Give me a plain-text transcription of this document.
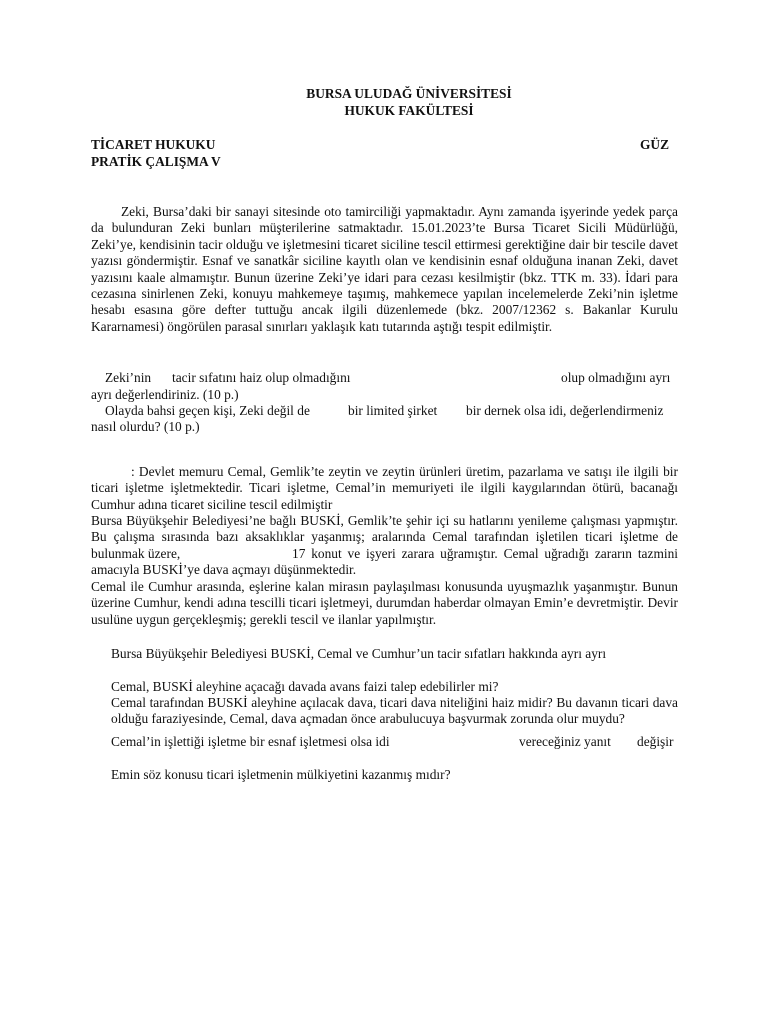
BURSA ULUDAĞ ÜNİVERSİTESİ
HUKUK FAKÜLTESİ
TİCARET HUKUKU	GÜZ
PRATİK ÇALIŞMA V

Zeki, Bursa’daki bir sanayi sitesinde oto tamirciliği yapmaktadır. Aynı zamanda işyerinde yedek parça da bulunduran Zeki bunları müşterilerine satmaktadır. 15.01.2023’te Bursa Ticaret Sicili Müdürlüğü, Zeki’ye, kendisinin tacir olduğu ve işletmesini ticaret siciline tescil ettirmesi gerektiğine dair bir tescile davet yazısı göndermiştir. Esnaf ve sanatkâr siciline kayıtlı olan ve kendisinin esnaf olduğuna inanan Zeki, davet yazısını kaale almamıştır. Bunun üzerine Zeki’ye idari para cezası kesilmiştir (bkz. TTK m. 33). İdari para cezasına sinirlenen Zeki, konuyu mahkemeye taşımış, mahkemece yapılan incelemelerde Zeki’nin işletme hesabı esasına göre defter tuttuğu ancak ilgili düzenlemede (bkz. 2007/12362 s. Bakanlar Kurulu Kararnamesi) öngörülen parasal sınırları yaklaşık katı tutarında aştığı tespit edilmiştir.

Zeki’nin tacir sıfatını haiz olup olmadığını	olup olmadığını ayrı
ayrı değerlendiriniz. (10 p.)
Olayda bahsi geçen kişi, Zeki değil de	bir limited şirket bir dernek olsa idi, değerlendirmeniz
nasıl olurdu? (10 p.)

: Devlet memuru Cemal, Gemlik’te zeytin ve zeytin ürünleri üretim, pazarlama ve satışı ile ilgili bir ticari işletme işletmektedir. Ticari işletme, Cemal’in memuriyeti ile ilgili kaygılarından ötürü, bacanağı Cumhur adına ticaret siciline tescil edilmiştir

Bursa Büyükşehir Belediyesi’ne bağlı BUSKİ, Gemlik’te şehir içi su hatlarını yenileme çalışması yapmıştır. Bu çalışma sırasında bazı aksaklıklar yaşanmış; aralarında Cemal tarafından işletilen ticari işletme de bulunmak üzere,	17 konut ve işyeri zarara uğramıştır. Cemal uğradığı zararın tazmini amacıyla BUSKİ’ye dava açmayı düşünmektedir.

Cemal ile Cumhur arasında, eşlerine kalan mirasın paylaşılması konusunda uyuşmazlık yaşanmıştır. Bunun üzerine Cumhur, kendi adına tescilli ticari işletmeyi, durumdan haberdar olmayan Emin’e devretmiştir. Devir usulüne uygun gerçekleşmiş; gerekli tescil ve ilanlar yapılmıştır.

Bursa Büyükşehir Belediyesi BUSKİ, Cemal ve Cumhur’un tacir sıfatları hakkında ayrı ayrı
Cemal, BUSKİ aleyhine açacağı davada avans faizi talep edebilirler mi?

Cemal tarafından BUSKİ aleyhine açılacak dava, ticari dava niteliğini haiz midir? Bu davanın ticari dava olduğu faraziyesinde, Cemal, dava açmadan önce arabulucuya başvurmak zorunda olur muydu?

Cemal’in işlettiği işletme bir esnaf işletmesi olsa idi	vereceğiniz yanıt değişir
Emin söz konusu ticari işletmenin mülkiyetini kazanmış mıdır?
